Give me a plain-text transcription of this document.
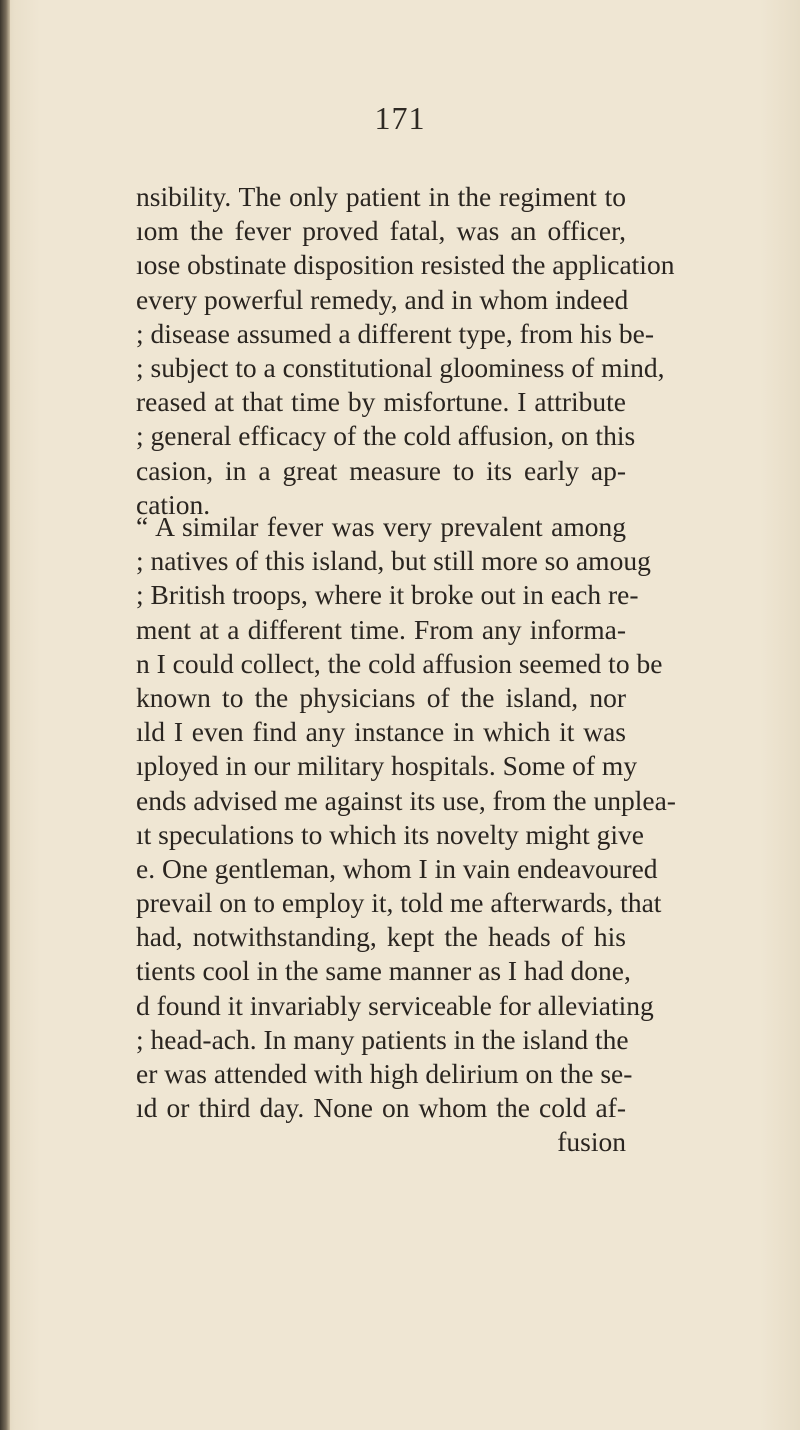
171
nsibility. The only patient in the regiment to
ıom the fever proved fatal, was an officer,
ıose obstinate disposition resisted the application
every powerful remedy, and in whom indeed
; disease assumed a different type, from his be-
; subject to a constitutional gloominess of mind,
reased at that time by misfortune. I attribute
; general efficacy of the cold affusion, on this
casion, in a great measure to its early ap-
cation.
“ A similar fever was very prevalent among
; natives of this island, but still more so amoug
; British troops, where it broke out in each re-
ment at a different time. From any informa-
n I could collect, the cold affusion seemed to be
known to the physicians of the island, nor
ıld I even find any instance in which it was
ıployed in our military hospitals. Some of my
ends advised me against its use, from the unplea-
ıt speculations to which its novelty might give
e. One gentleman, whom I in vain endeavoured
prevail on to employ it, told me afterwards, that
had, notwithstanding, kept the heads of his
tients cool in the same manner as I had done,
d found it invariably serviceable for alleviating
; head-ach. In many patients in the island the
er was attended with high delirium on the se-
ıd or third day. None on whom the cold af-
fusion
